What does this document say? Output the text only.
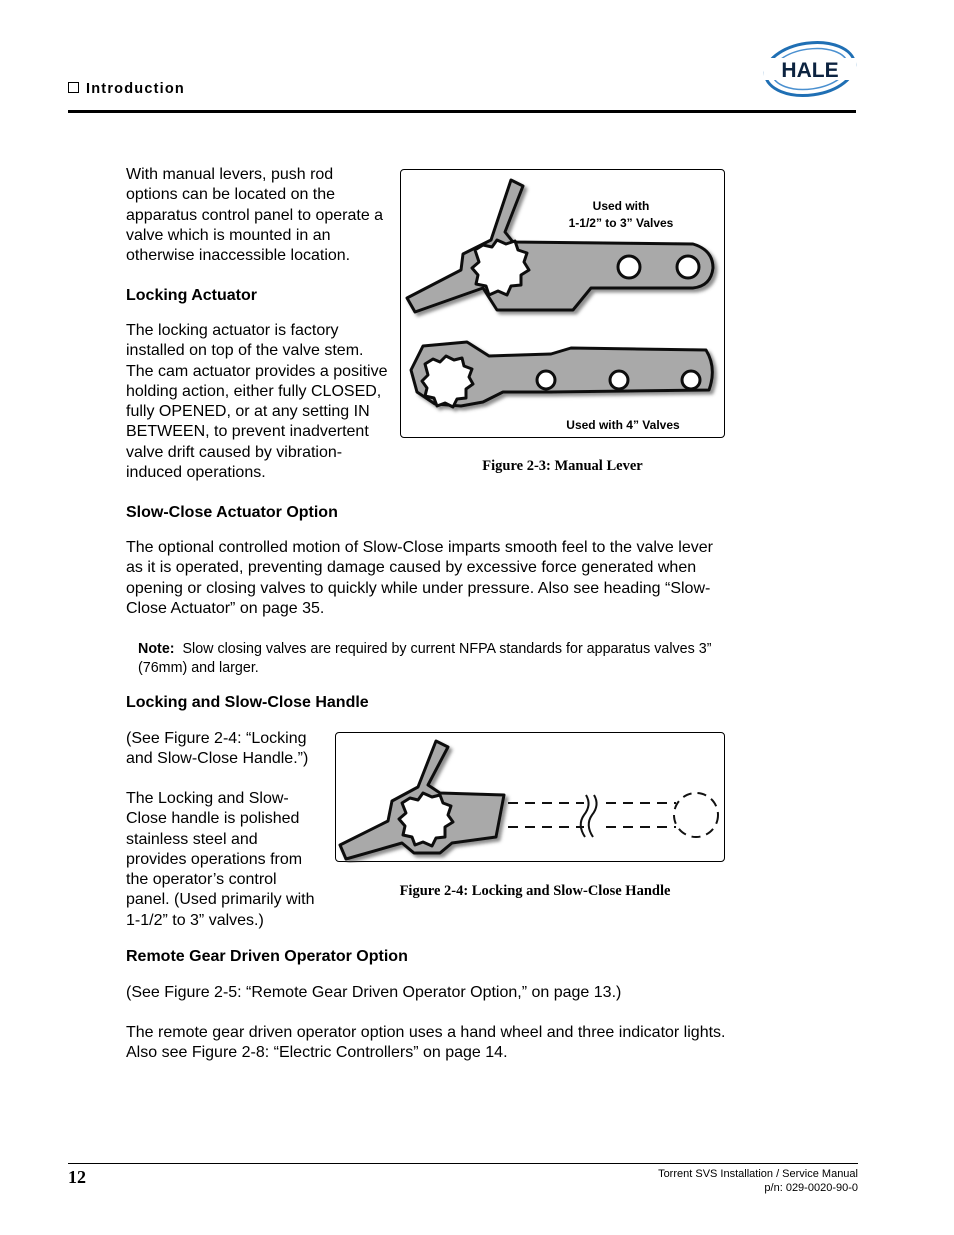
Introduction
HALE
With manual levers, push rod options can be located on the apparatus control panel to operate a valve which is mounted in an otherwise inaccessible location.
Locking Actuator
The locking actuator is factory installed on top of the valve stem. The cam actuator provides a positive holding action, either fully CLOSED, fully OPENED, or at any setting IN BETWEEN, to prevent inadvertent valve drift caused by vibration-induced operations.
Used with
1-1/2” to 3” Valves
Used with 4” Valves
Figure 2-3: Manual Lever
Slow-Close Actuator Option
The optional controlled motion of Slow-Close imparts smooth feel to the valve lever as it is operated, preventing damage caused by excessive force generated when opening or closing valves to quickly while under pressure. Also see heading “Slow-Close Actuator” on page 35.
Note: Slow closing valves are required by current NFPA standards for apparatus valves 3” (76mm) and larger.
Locking and Slow-Close Handle
(See Figure 2-4: “Locking and Slow-Close Handle.”)
The Locking and Slow-Close handle is polished stainless steel and provides operations from the operator’s control panel. (Used primarily with 1-1/2” to 3” valves.)
Figure 2-4: Locking and Slow-Close Handle
Remote Gear Driven Operator Option
(See Figure 2-5: “Remote Gear Driven Operator Option,” on page 13.)
The remote gear driven operator option uses a hand wheel and three indicator lights. Also see Figure 2-8: “Electric Controllers” on page 14.
12	Torrent SVS Installation / Service Manual
p/n: 029-0020-90-0
